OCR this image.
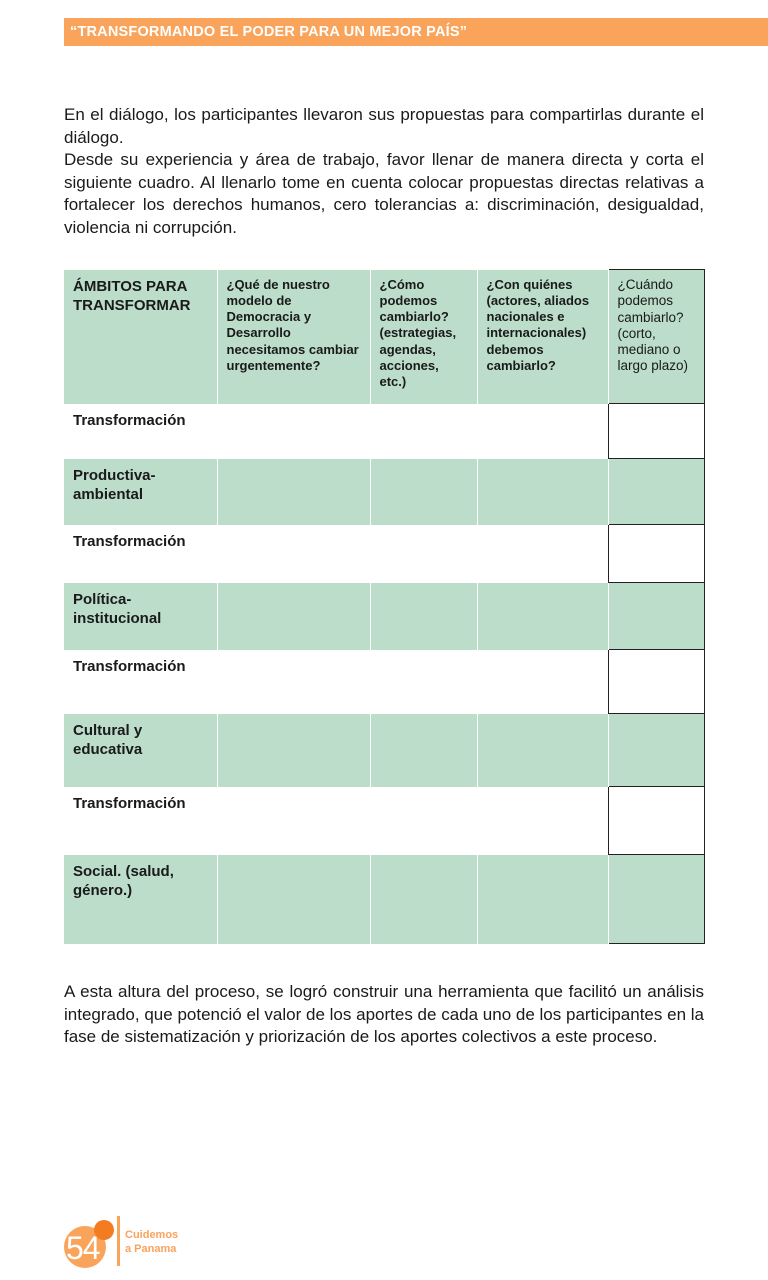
“TRANSFORMANDO EL PODER PARA UN MEJOR PAÍS”

En el diálogo, los participantes llevaron sus propuestas para compartirlas durante el diálogo.

Desde su experiencia y área de trabajo, favor llenar de manera directa y corta el siguiente cuadro. Al llenarlo tome en cuenta colocar propuestas directas relativas a fortalecer los derechos humanos, cero tolerancias a: discriminación, desigualdad, violencia ni corrupción.

ÁMBITOS PARA TRANSFORMAR	¿Qué de nuestro modelo de Democracia y Desarrollo necesitamos cambiar urgentemente?	¿Cómo podemos cambiarlo? (estrategias, agendas, acciones, etc.)	¿Con quiénes (actores, aliados nacionales e internacionales) debemos cambiarlo?	¿Cuándo podemos cambiarlo? (corto, mediano o largo plazo)
Transformación				
Productiva-ambiental				
Transformación				
Política-institucional				
Transformación				
Cultural y educativa				
Transformación				
Social. (salud, género.)				

A esta altura del proceso, se logró construir una herramienta que facilitó un análisis integrado, que potenció el valor de los aportes de cada uno de los participantes en la fase de sistematización y priorización de los aportes colectivos a este proceso.

54 Cuidemos
a Panama
